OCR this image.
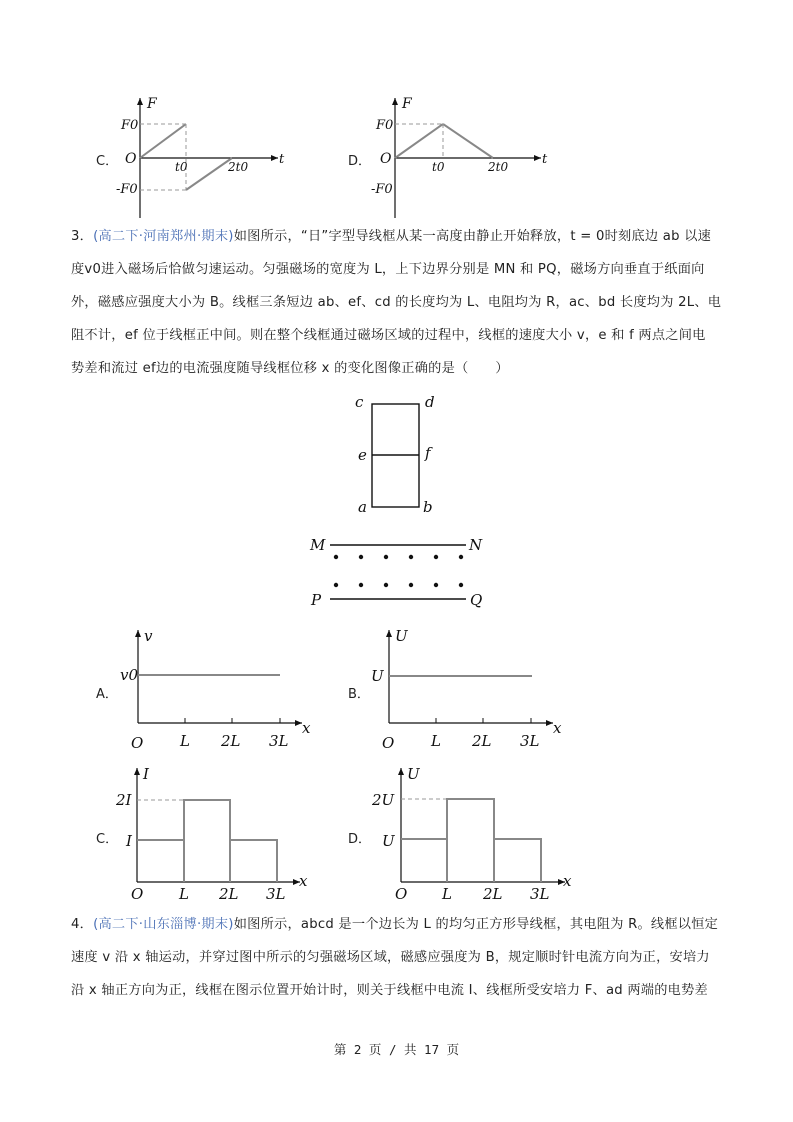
C．	D．
F
t
O
F0
-F0
t0	2t0
F
t
O
F0
-F0
t0	2t0
c	d
e	f
a	b
M	N
P	Q
v
v0
x
O L 2L 3L
U
U
x
O L 2L 3L
I
2I
I
x
O L 2L 3L
U
2U
U
x
O L 2L 3L
3．(高二下·河南郑州·期末)如图所示，“日”字型导线框从某一高度由静止开始释放，t = 0时刻底边 ab 以速
度v0进入磁场后恰做匀速运动。匀强磁场的宽度为 L，上下边界分别是 MN 和 PQ，磁场方向垂直于纸面向
外，磁感应强度大小为 B。线框三条短边 ab、ef、cd 的长度均为 L、电阻均为 R，ac、bd 长度均为 2L、电
阻不计，ef 位于线框正中间。则在整个线框通过磁场区域的过程中，线框的速度大小 v，e 和 f 两点之间电
势差和流过 ef边的电流强度随导线框位移 x 的变化图像正确的是（　　）
A．	B．
C．	D．
4．(高二下·山东淄博·期末)如图所示，abcd 是一个边长为 L 的均匀正方形导线框，其电阻为 R。线框以恒定
速度 v 沿 x 轴运动，并穿过图中所示的匀强磁场区域，磁感应强度为 B，规定顺时针电流方向为正，安培力
沿 x 轴正方向为正，线框在图示位置开始计时，则关于线框中电流 I、线框所受安培力 F、ad 两端的电势差
第 2 页 / 共 17 页
